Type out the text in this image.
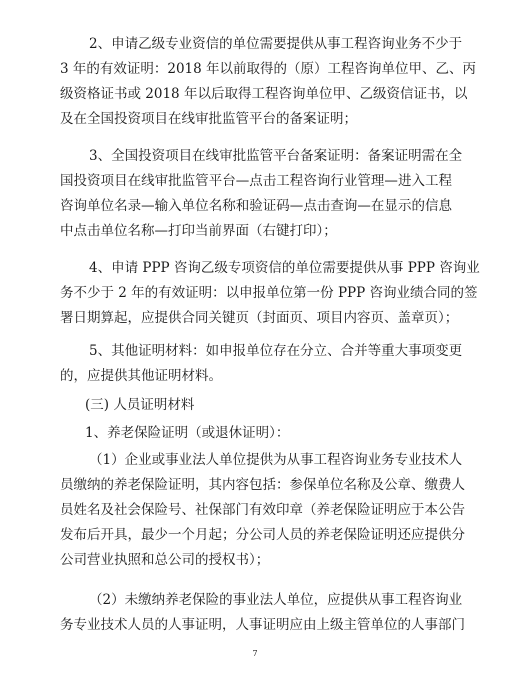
2、申请乙级专业资信的单位需要提供从事工程咨询业务不少于
3 年的有效证明：2018 年以前取得的（原）工程咨询单位甲、乙、丙
级资格证书或 2018 年以后取得工程咨询单位甲、乙级资信证书，以
及在全国投资项目在线审批监管平台的备案证明；
3、全国投资项目在线审批监管平台备案证明：备案证明需在全
国投资项目在线审批监管平台—点击工程咨询行业管理—进入工程
咨询单位名录—输入单位名称和验证码—点击查询—在显示的信息
中点击单位名称—打印当前界面（右键打印）；
4、申请 PPP 咨询乙级专项资信的单位需要提供从事 PPP 咨询业
务不少于 2 年的有效证明：以申报单位第一份 PPP 咨询业绩合同的签
署日期算起，应提供合同关键页（封面页、项目内容页、盖章页）；
5、其他证明材料：如申报单位存在分立、合并等重大事项变更
的，应提供其他证明材料。
(三) 人员证明材料
1、养老保险证明（或退休证明）：
（1）企业或事业法人单位提供为从事工程咨询业务专业技术人
员缴纳的养老保险证明，其内容包括：参保单位名称及公章、缴费人
员姓名及社会保险号、社保部门有效印章（养老保险证明应于本公告
发布后开具，最少一个月起；分公司人员的养老保险证明还应提供分
公司营业执照和总公司的授权书）；
（2）未缴纳养老保险的事业法人单位，应提供从事工程咨询业
务专业技术人员的人事证明，人事证明应由上级主管单位的人事部门
7
